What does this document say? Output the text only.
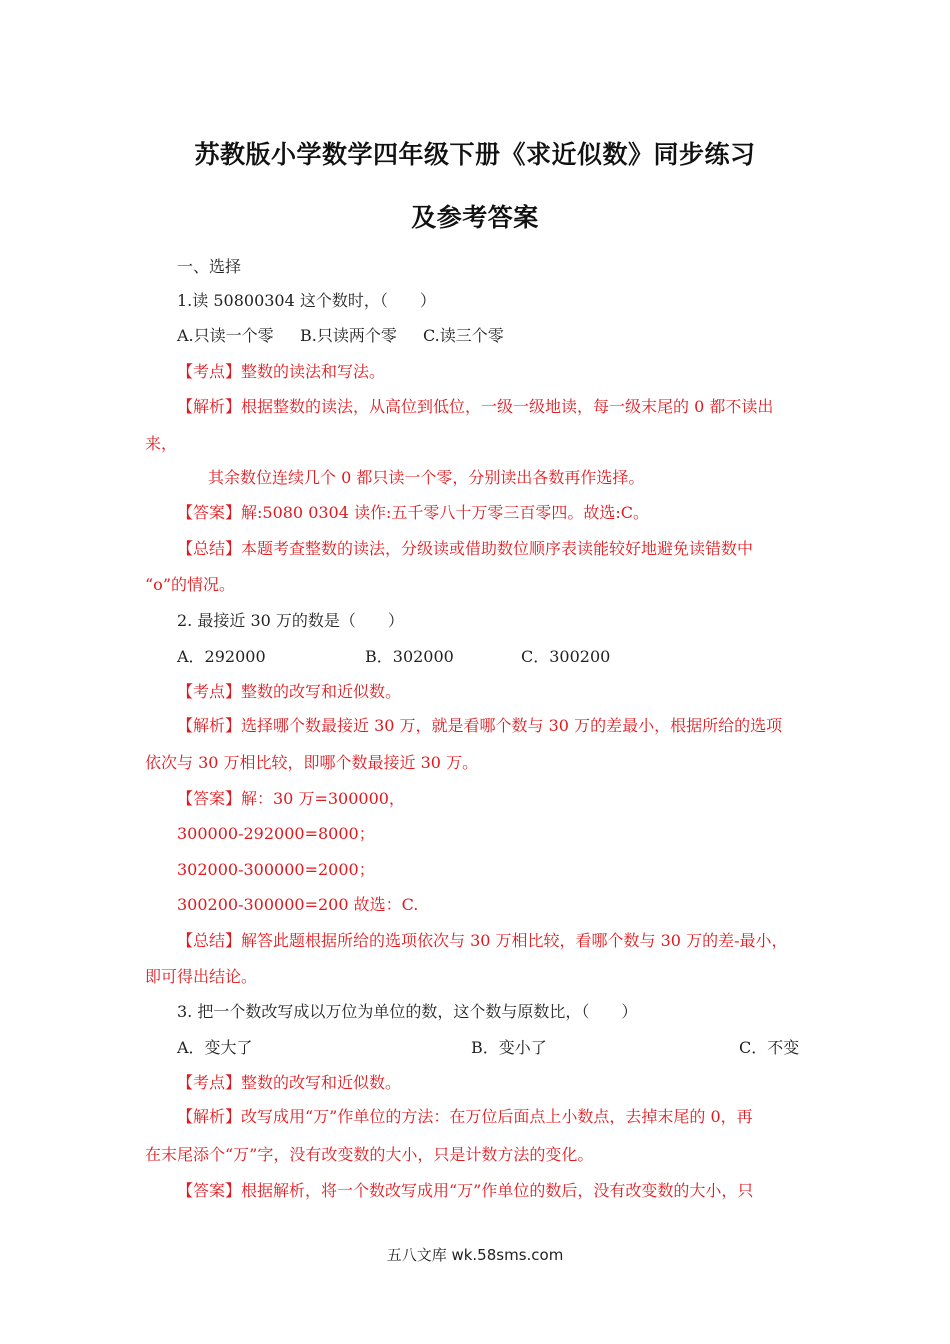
苏教版小学数学四年级下册《求近似数》同步练习
及参考答案
一、选择
1.读 50800304 这个数时，（　　）
A.只读一个零 B.只读两个零 C.读三个零
【考点】整数的读法和写法。
【解析】根据整数的读法，从高位到低位，一级一级地读，每一级末尾的 0 都不读出
来，
其余数位连续几个 0 都只读一个零，分别读出各数再作选择。
【答案】解:5080 0304 读作:五千零八十万零三百零四。故选:C。
【总结】本题考查整数的读法，分级读或借助数位顺序表读能较好地避免读错数中
“o”的情况。
2. 最接近 30 万的数是（　　）
A．292000	B．302000	C．300200
【考点】整数的改写和近似数。
【解析】选择哪个数最接近 30 万，就是看哪个数与 30 万的差最小，根据所给的选项
依次与 30 万相比较，即哪个数最接近 30 万。
【答案】解：30 万=300000，
300000-292000=8000；
302000-300000=2000；
300200-300000=200 故选：C.
【总结】解答此题根据所给的选项依次与 30 万相比较，看哪个数与 30 万的差-最小，
即可得出结论。
3. 把一个数改写成以万位为单位的数，这个数与原数比，（　　）
A．变大了	B．变小了	C．不变
【考点】整数的改写和近似数。
【解析】改写成用“万”作单位的方法：在万位后面点上小数点，去掉末尾的 0，再
在末尾添个“万”字，没有改变数的大小，只是计数方法的变化。
【答案】根据解析，将一个数改写成用“万”作单位的数后，没有改变数的大小，只
五八文库 wk.58sms.com
